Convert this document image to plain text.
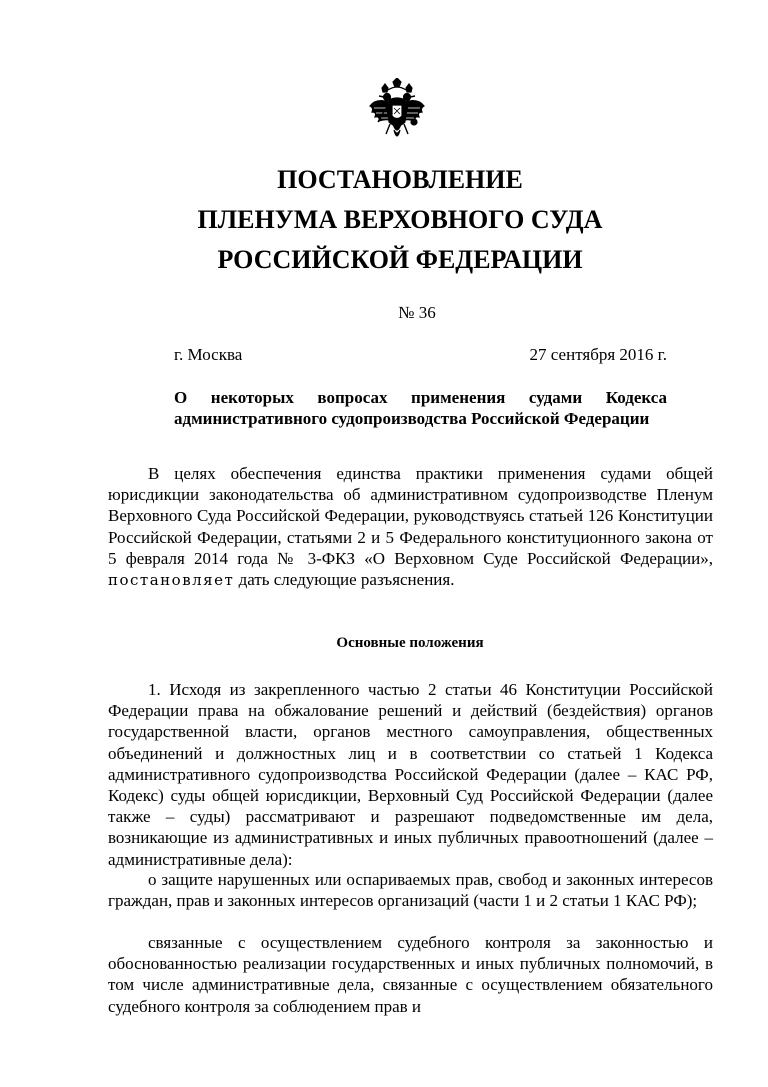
ПОСТАНОВЛЕНИЕ
ПЛЕНУМА ВЕРХОВНОГО СУДА
РОССИЙСКОЙ ФЕДЕРАЦИИ
№ 36
г. Москва	27 сентября 2016 г.
О некоторых вопросах применения судами Кодекса административного судопроизводства Российской Федерации
В целях обеспечения единства практики применения судами общей юрисдикции законодательства об административном судопроизводстве Пленум Верховного Суда Российской Федерации, руководствуясь статьей 126 Конституции Российской Федерации, статьями 2 и 5 Федерального конституционного закона от 5 февраля 2014 года № 3-ФКЗ «О Верховном Суде Российской Федерации», постановляет дать следующие разъяснения.
Основные положения
1. Исходя из закрепленного частью 2 статьи 46 Конституции Российской Федерации права на обжалование решений и действий (бездействия) органов государственной власти, органов местного самоуправления, общественных объединений и должностных лиц и в соответствии со статьей 1 Кодекса административного судопроизводства Российской Федерации (далее – КАС РФ, Кодекс) суды общей юрисдикции, Верховный Суд Российской Федерации (далее также – суды) рассматривают и разрешают подведомственные им дела, возникающие из административных и иных публичных правоотношений (далее – административные дела):
о защите нарушенных или оспариваемых прав, свобод и законных интересов граждан, прав и законных интересов организаций (части 1 и 2 статьи 1 КАС РФ);
связанные с осуществлением судебного контроля за законностью и обоснованностью реализации государственных и иных публичных полномочий, в том числе административные дела, связанные с осуществлением обязательного судебного контроля за соблюдением прав и
